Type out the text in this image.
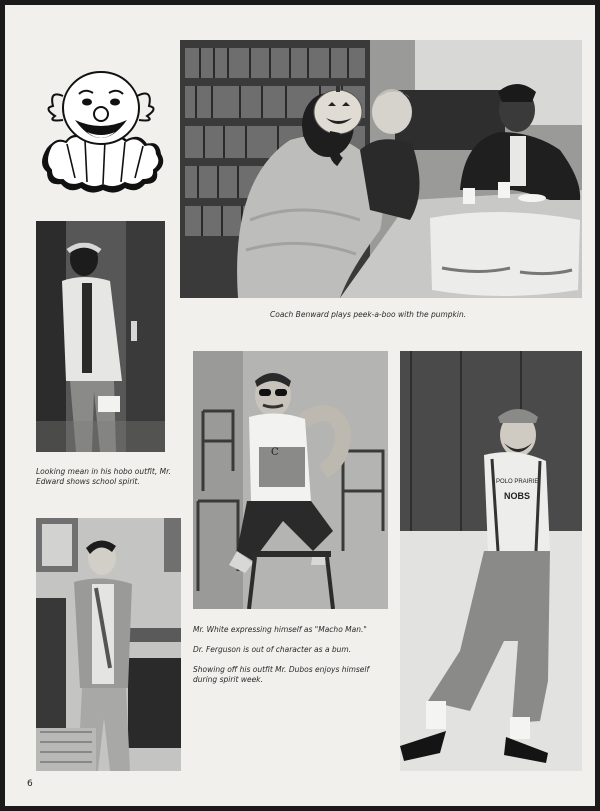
Coach Benward plays peek-a-boo with the pumpkin.

Looking mean in his hobo outfit, Mr. Edward shows school spirit.

C

Mr. White expressing himself as "Macho Man."

Dr. Ferguson is out of character as a bum.

Showing off his outfit Mr. Dubos enjoys himself during spirit week.

POLO PRAIRIE
NOBS
6
